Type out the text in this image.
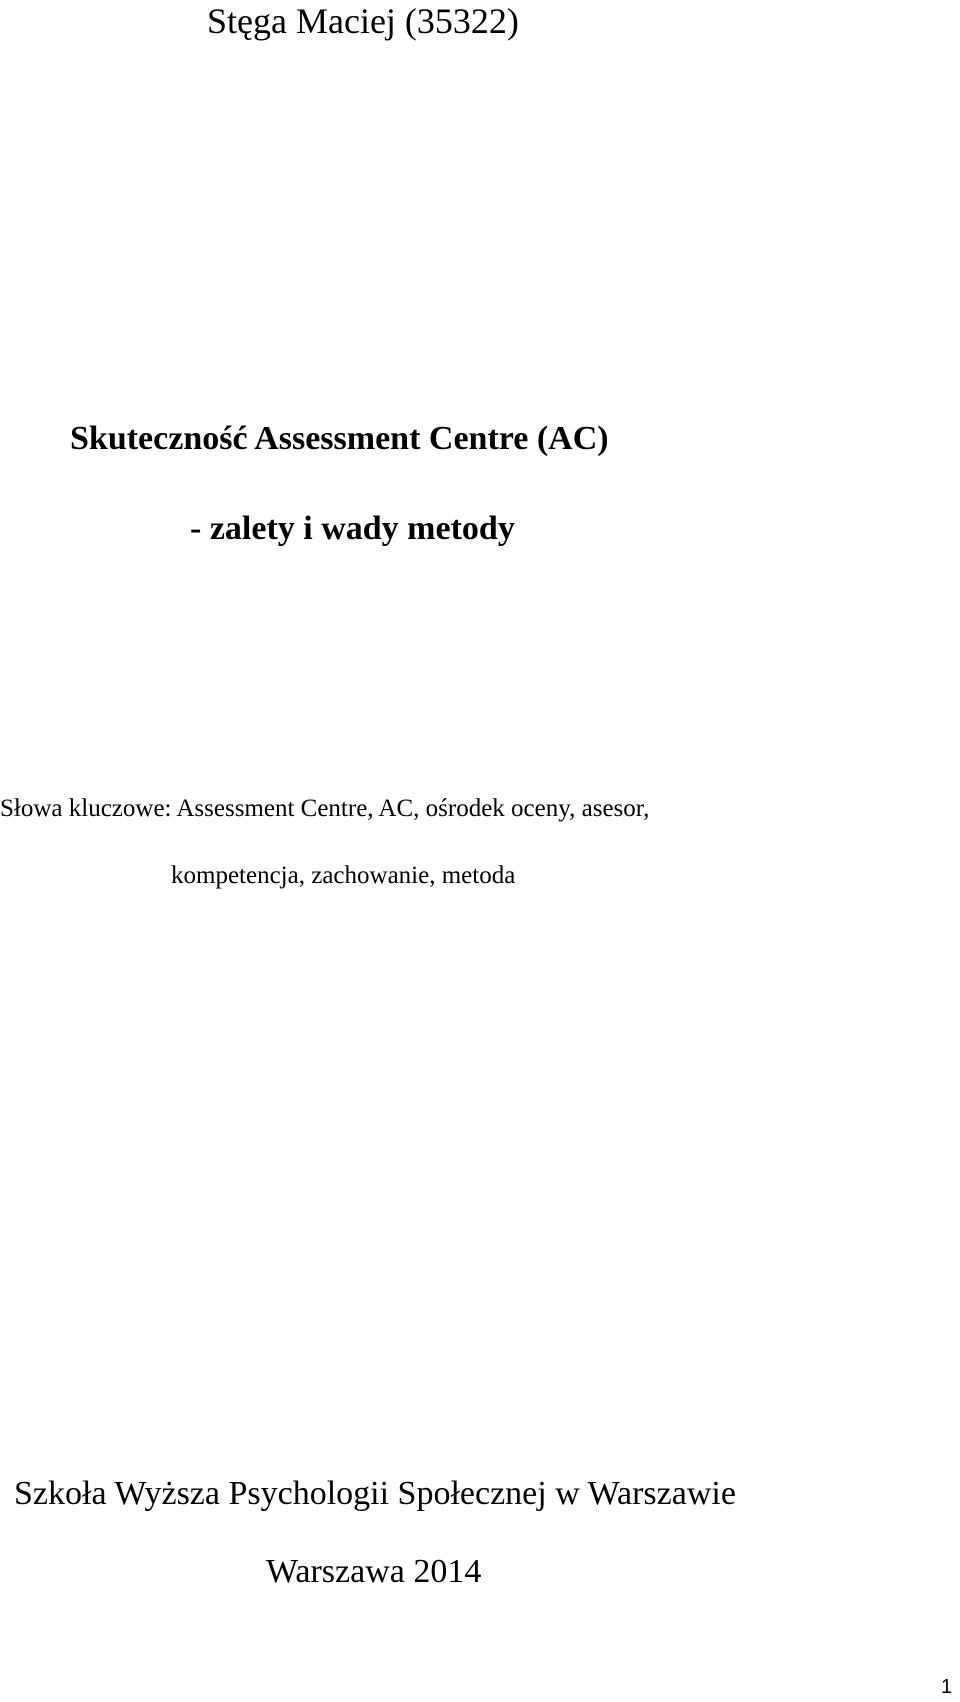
Stęga Maciej (35322)

Skuteczność Assessment Centre (AC)

- zalety i wady metody

Słowa kluczowe: Assessment Centre, AC, ośrodek oceny, asesor,

kompetencja, zachowanie, metoda

Szkoła Wyższa Psychologii Społecznej w Warszawie

Warszawa 2014

1
